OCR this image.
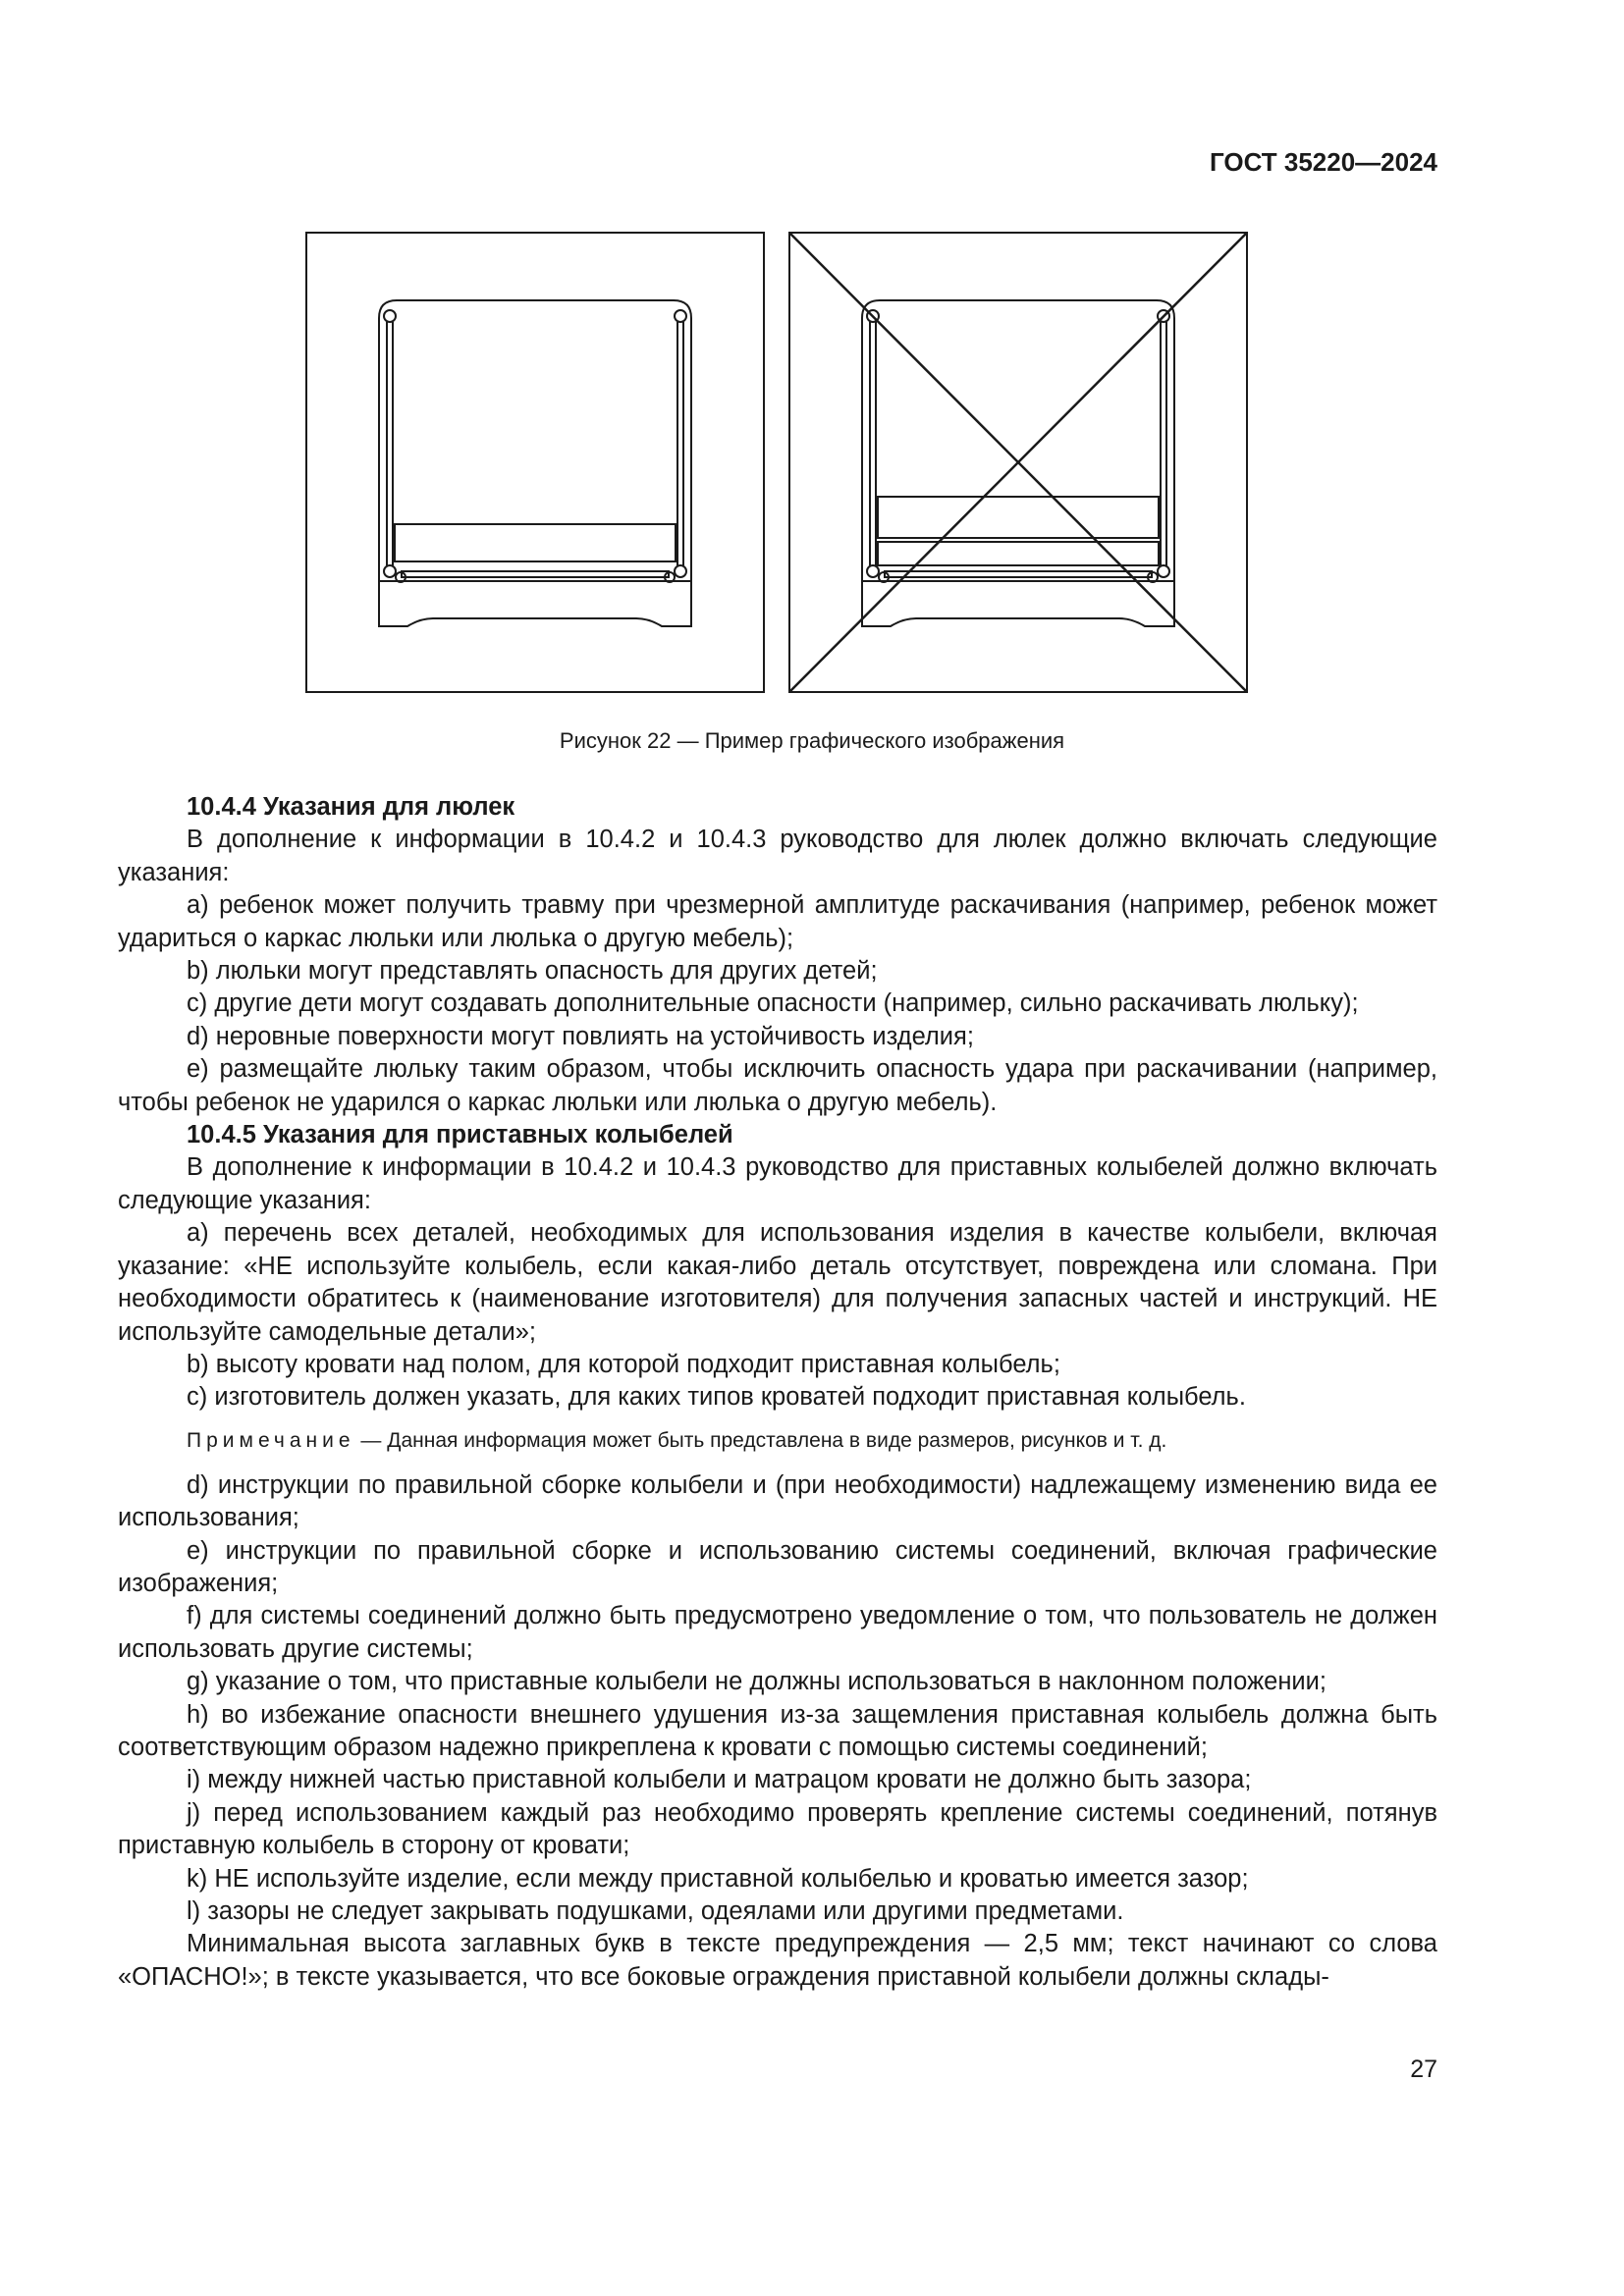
ГОСТ 35220—2024
Рисунок 22 — Пример графического изображения

10.4.4 Указания для люлек

В дополнение к информации в 10.4.2 и 10.4.3 руководство для люлек должно включать следующие указания:

a) ребенок может получить травму при чрезмерной амплитуде раскачивания (например, ребенок может удариться о каркас люльки или люлька о другую мебель);

b) люльки могут представлять опасность для других детей;

c) другие дети могут создавать дополнительные опасности (например, сильно раскачивать люльку);

d) неровные поверхности могут повлиять на устойчивость изделия;

e) размещайте люльку таким образом, чтобы исключить опасность удара при раскачивании (например, чтобы ребенок не ударился о каркас люльки или люлька о другую мебель).

10.4.5 Указания для приставных колыбелей

В дополнение к информации в 10.4.2 и 10.4.3 руководство для приставных колыбелей должно включать следующие указания:

a) перечень всех деталей, необходимых для использования изделия в качестве колыбели, включая указание: «НЕ используйте колыбель, если какая-либо деталь отсутствует, повреждена или сломана. При необходимости обратитесь к (наименование изготовителя) для получения запасных частей и инструкций. НЕ используйте самодельные детали»;

b) высоту кровати над полом, для которой подходит приставная колыбель;

c) изготовитель должен указать, для каких типов кроватей подходит приставная колыбель.

Примечание — Данная информация может быть представлена в виде размеров, рисунков и т. д.

d) инструкции по правильной сборке колыбели и (при необходимости) надлежащему изменению вида ее использования;

e) инструкции по правильной сборке и использованию системы соединений, включая графические изображения;

f) для системы соединений должно быть предусмотрено уведомление о том, что пользователь не должен использовать другие системы;

g) указание о том, что приставные колыбели не должны использоваться в наклонном положении;

h) во избежание опасности внешнего удушения из-за защемления приставная колыбель должна быть соответствующим образом надежно прикреплена к кровати с помощью системы соединений;

i) между нижней частью приставной колыбели и матрацом кровати не должно быть зазора;

j) перед использованием каждый раз необходимо проверять крепление системы соединений, потянув приставную колыбель в сторону от кровати;

k) НЕ используйте изделие, если между приставной колыбелью и кроватью имеется зазор;

l) зазоры не следует закрывать подушками, одеялами или другими предметами.

Минимальная высота заглавных букв в тексте предупреждения — 2,5 мм; текст начинают со слова «ОПАСНО!»; в тексте указывается, что все боковые ограждения приставной колыбели должны склады-

27
